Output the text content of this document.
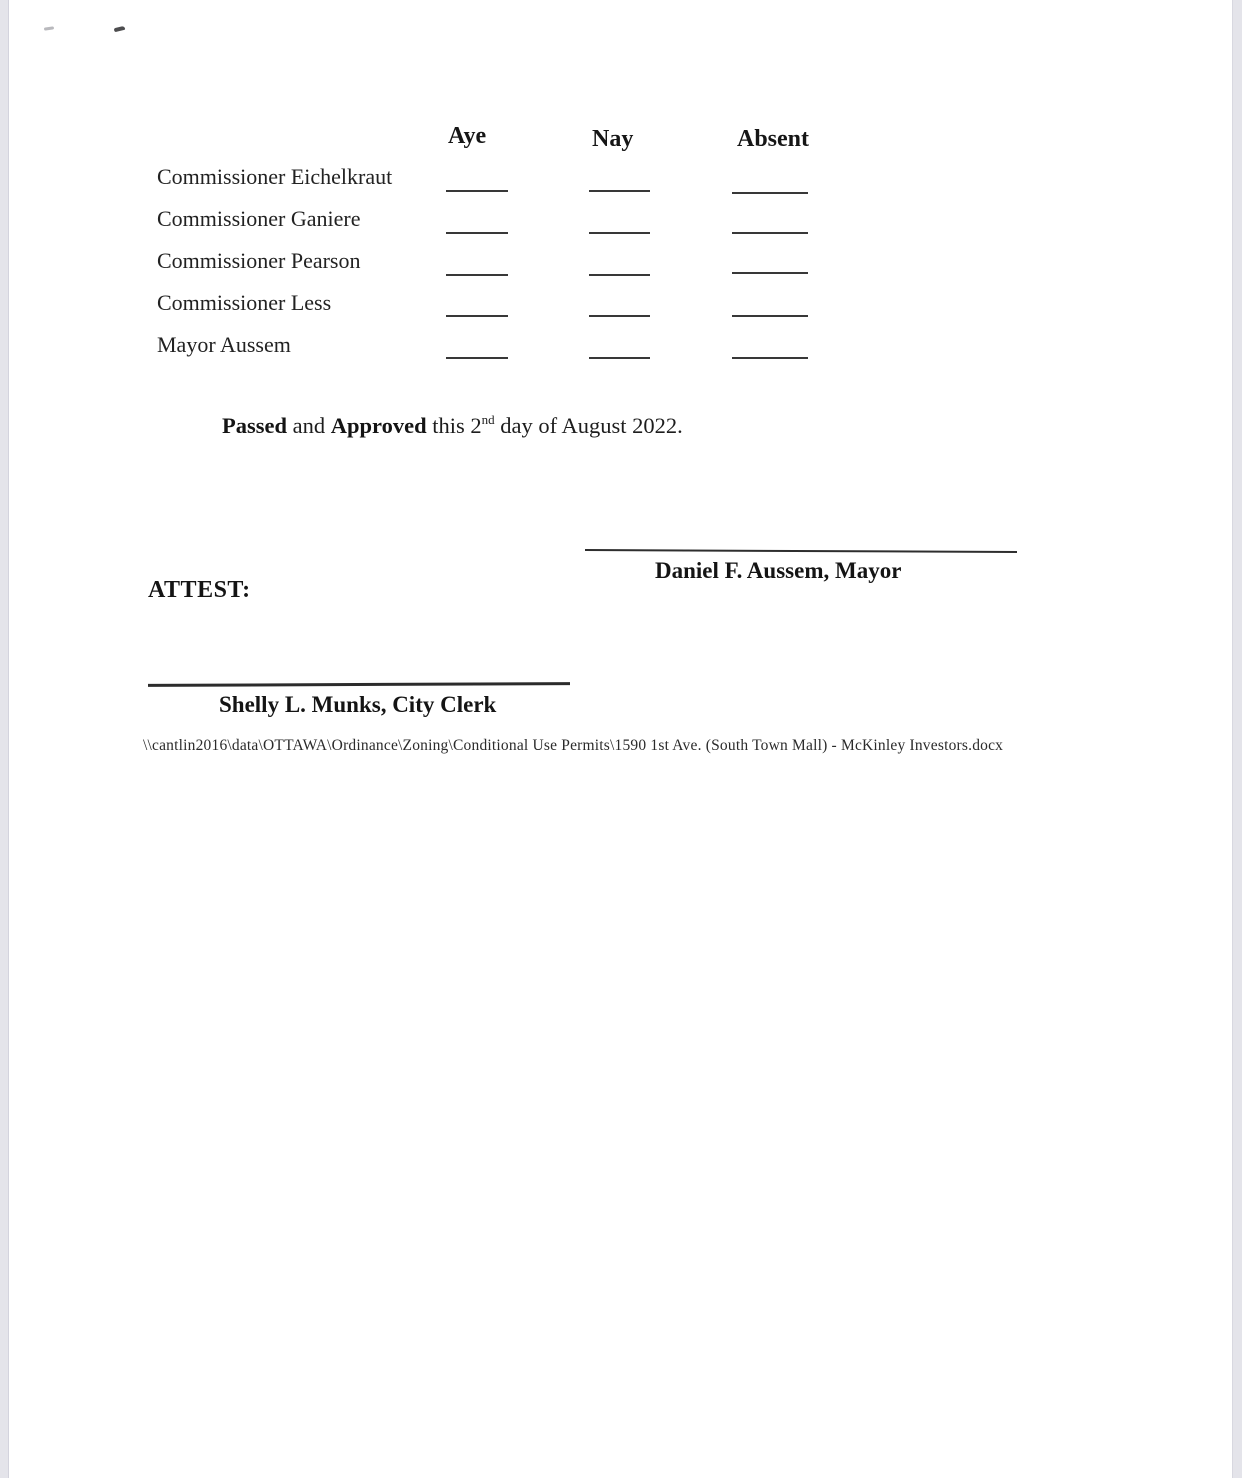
Aye	Nay	Absent
Commissioner Eichelkraut
Commissioner Ganiere
Commissioner Pearson
Commissioner Less
Mayor Aussem
Passed and Approved this 2nd day of August 2022.
Daniel F. Aussem, Mayor
ATTEST:
Shelly L. Munks, City Clerk
\\cantlin2016\data\OTTAWA\Ordinance\Zoning\Conditional Use Permits\1590 1st Ave. (South Town Mall) - McKinley Investors.docx
